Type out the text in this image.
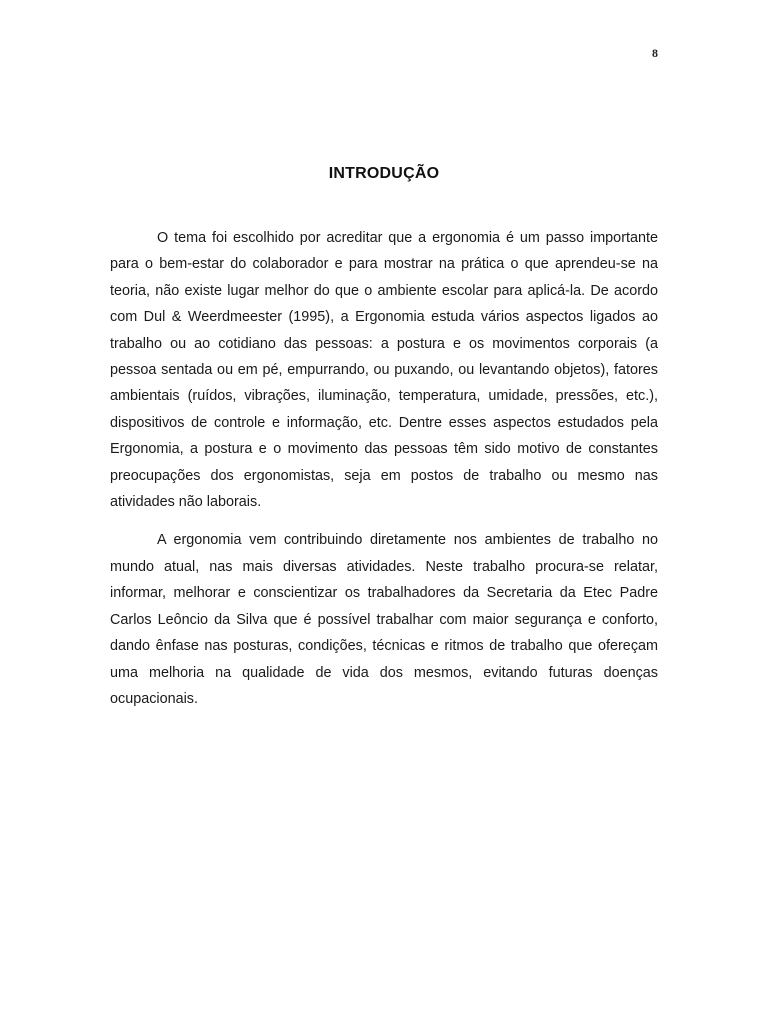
8
INTRODUÇÃO

O tema foi escolhido por acreditar que a ergonomia é um passo importante para o bem-estar do colaborador e para mostrar na prática o que aprendeu-se na teoria, não existe lugar melhor do que o ambiente escolar para aplicá-la. De acordo com Dul & Weerdmeester (1995), a Ergonomia estuda vários aspectos ligados ao trabalho ou ao cotidiano das pessoas: a postura e os movimentos corporais (a pessoa sentada ou em pé, empurrando, ou puxando, ou levantando objetos), fatores ambientais (ruídos, vibrações, iluminação, temperatura, umidade, pressões, etc.), dispositivos de controle e informação, etc. Dentre esses aspectos estudados pela Ergonomia, a postura e o movimento das pessoas têm sido motivo de constantes preocupações dos ergonomistas, seja em postos de trabalho ou mesmo nas atividades não laborais.

A ergonomia vem contribuindo diretamente nos ambientes de trabalho no mundo atual, nas mais diversas atividades. Neste trabalho procura-se relatar, informar, melhorar e conscientizar os trabalhadores da Secretaria da Etec Padre Carlos Leôncio da Silva que é possível trabalhar com maior segurança e conforto, dando ênfase nas posturas, condições, técnicas e ritmos de trabalho que ofereçam uma melhoria na qualidade de vida dos mesmos, evitando futuras doenças ocupacionais.
